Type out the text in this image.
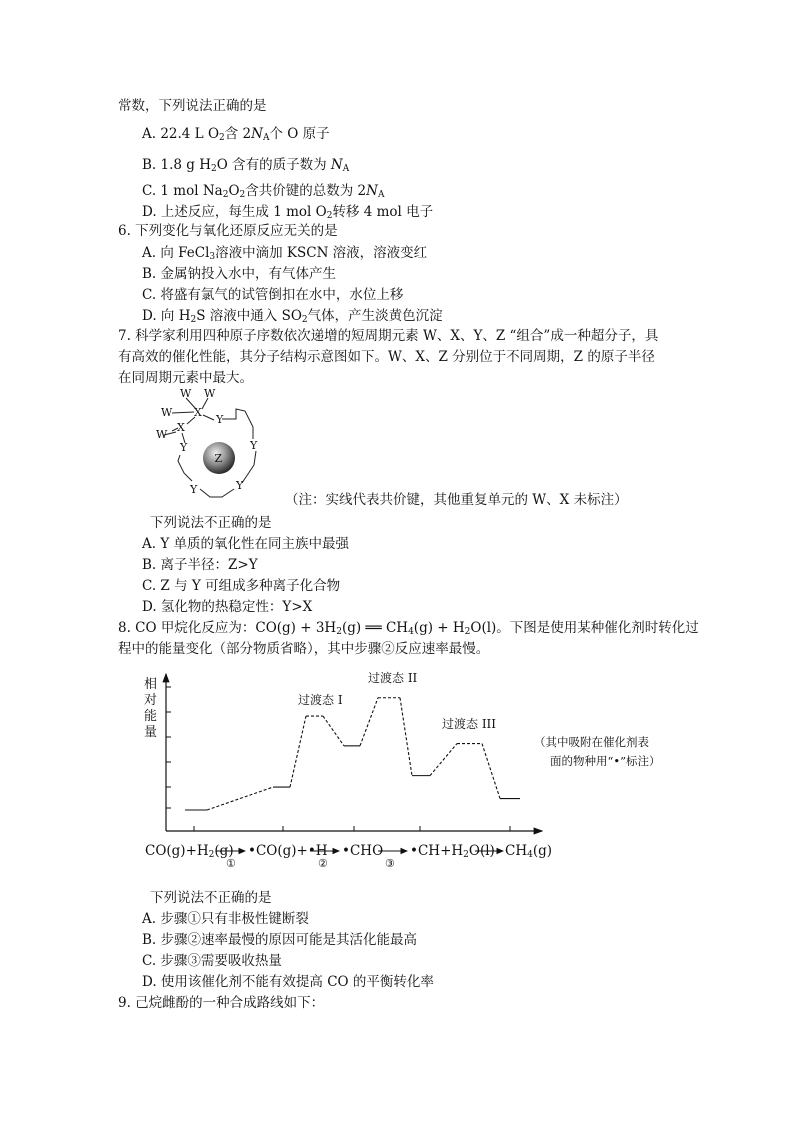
常数，下列说法正确的是
A. 22.4 L $O_2$含 $2N_A$个 O 原子
B. 1.8 g $H_2O$ 含有的质子数为 $N_A$
C. 1 mol $Na_2O_2$含共价键的总数为 $2N_A$
D. 上述反应，每生成 1 mol $O_2$转移 4 mol 电子
6. 下列变化与氧化还原反应无关的是
A. 向 FeCl$_3$溶液中滴加 KSCN 溶液，溶液变红
B. 金属钠投入水中，有气体产生
C. 将盛有氯气的试管倒扣在水中，水位上移
D. 向 $H_2S$ 溶液中通入 $SO_2$气体，产生淡黄色沉淀
7. 科学家利用四种原子序数依次递增的短周期元素 W、X、Y、Z “组合”成一种超分子，具
有高效的催化性能，其分子结构示意图如下。W、X、Z 分别位于不同周期，Z 的原子半径
在同周期元素中最大。
W W
W X
Y
X
W
Y	Y
Y
Y
Z
（注：实线代表共价键，其他重复单元的 W、X 未标注）
下列说法不正确的是
A. Y 单质的氧化性在同主族中最强
B. 离子半径：Z>Y
C. Z 与 Y 可组成多种离子化合物
D. 氢化物的热稳定性：Y>X
8. CO 甲烷化反应为：$CO(g) + 3H_2(g)$ ══ $CH_4(g) + H_2O(l)$。下图是使用某种催化剂时转化过
程中的能量变化（部分物质省略），其中步骤②反应速率最慢。
相
对
能
量
过渡态 I
过渡态 II
过渡态 III
（其中吸附在催化剂表
面的物种用“•”标注）
$CO(g)+H_2(g)$ •CO(g)+•H •CHO $•CH+H_2O(l)$ $CH_4(g)$
①	②	③
下列说法不正确的是
A. 步骤①只有非极性键断裂
B. 步骤②速率最慢的原因可能是其活化能最高
C. 步骤③需要吸收热量
D. 使用该催化剂不能有效提高 CO 的平衡转化率
9. 己烷雌酚的一种合成路线如下：
